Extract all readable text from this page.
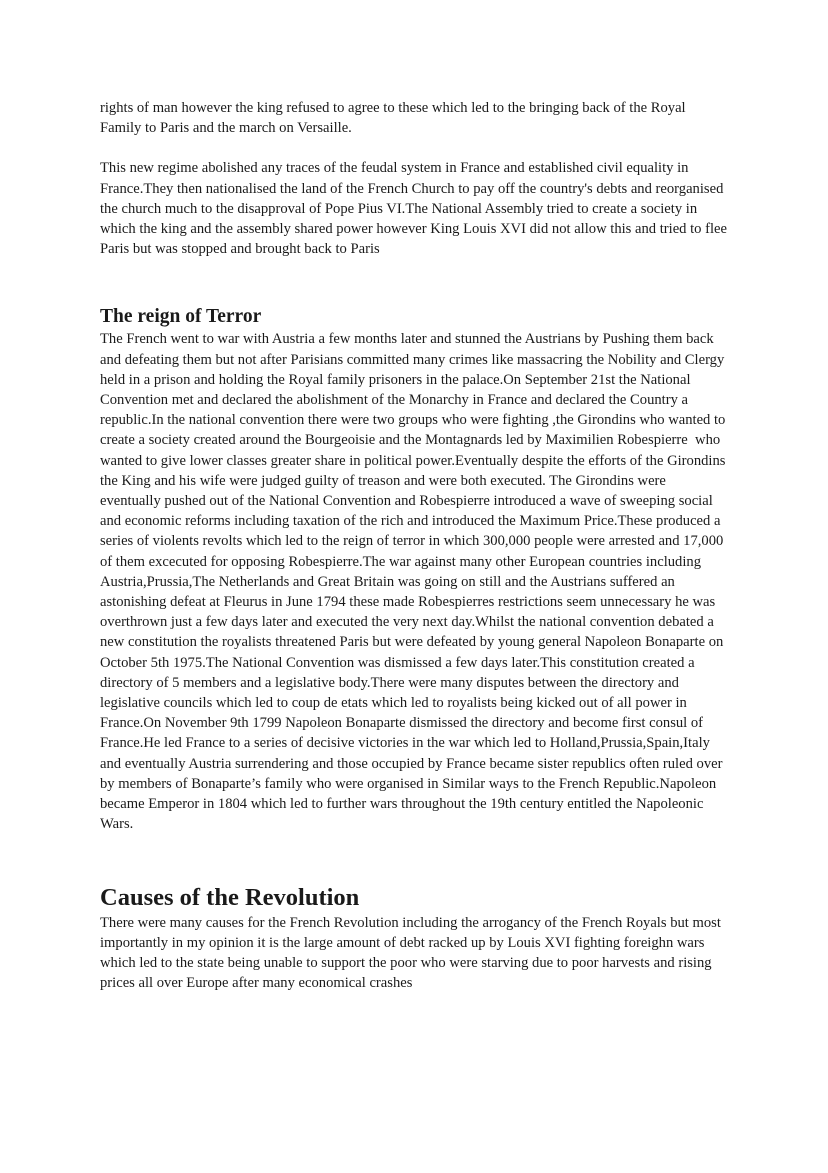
rights of man however the king refused to agree to these which led to the bringing back of the Royal Family to Paris and the march on Versaille.

This new regime abolished any traces of the feudal system in France and established civil equality in France.They then nationalised the land of the French Church to pay off the country's debts and reorganised the church much to the disapproval of Pope Pius VI.The National Assembly tried to create a society in which the king and the assembly shared power however King Louis XVI did not allow this and tried to flee Paris but was stopped and brought back to Paris

The reign of Terror

The French went to war with Austria a few months later and stunned the Austrians by Pushing them back and defeating them but not after Parisians committed many crimes like massacring the Nobility and Clergy held in a prison and holding the Royal family prisoners in the palace.On September 21st the National Convention met and declared the abolishment of the Monarchy in France and declared the Country a republic.In the national convention there were two groups who were fighting ,the Girondins who wanted to create a society created around the Bourgeoisie and the Montagnards led by Maximilien Robespierre  who wanted to give lower classes greater share in political power.Eventually despite the efforts of the Girondins the King and his wife were judged guilty of treason and were both executed. The Girondins were eventually pushed out of the National Convention and Robespierre introduced a wave of sweeping social and economic reforms including taxation of the rich and introduced the Maximum Price.These produced a series of violents revolts which led to the reign of terror in which 300,000 people were arrested and 17,000 of them excecuted for opposing Robespierre.The war against many other European countries including Austria,Prussia,The Netherlands and Great Britain was going on still and the Austrians suffered an astonishing defeat at Fleurus in June 1794 these made Robespierres restrictions seem unnecessary he was overthrown just a few days later and executed the very next day.Whilst the national convention debated a new constitution the royalists threatened Paris but were defeated by young general Napoleon Bonaparte on October 5th 1975.The National Convention was dismissed a few days later.This constitution created a directory of 5 members and a legislative body.There were many disputes between the directory and legislative councils which led to coup de etats which led to royalists being kicked out of all power in France.On November 9th 1799 Napoleon Bonaparte dismissed the directory and become first consul of France.He led France to a series of decisive victories in the war which led to Holland,Prussia,Spain,Italy and eventually Austria surrendering and those occupied by France became sister republics often ruled over by members of Bonaparte’s family who were organised in Similar ways to the French Republic.Napoleon became Emperor in 1804 which led to further wars throughout the 19th century entitled the Napoleonic Wars.

Causes of the Revolution

There were many causes for the French Revolution including the arrogancy of the French Royals but most importantly in my opinion it is the large amount of debt racked up by Louis XVI fighting foreighn wars which led to the state being unable to support the poor who were starving due to poor harvests and rising prices all over Europe after many economical crashes
